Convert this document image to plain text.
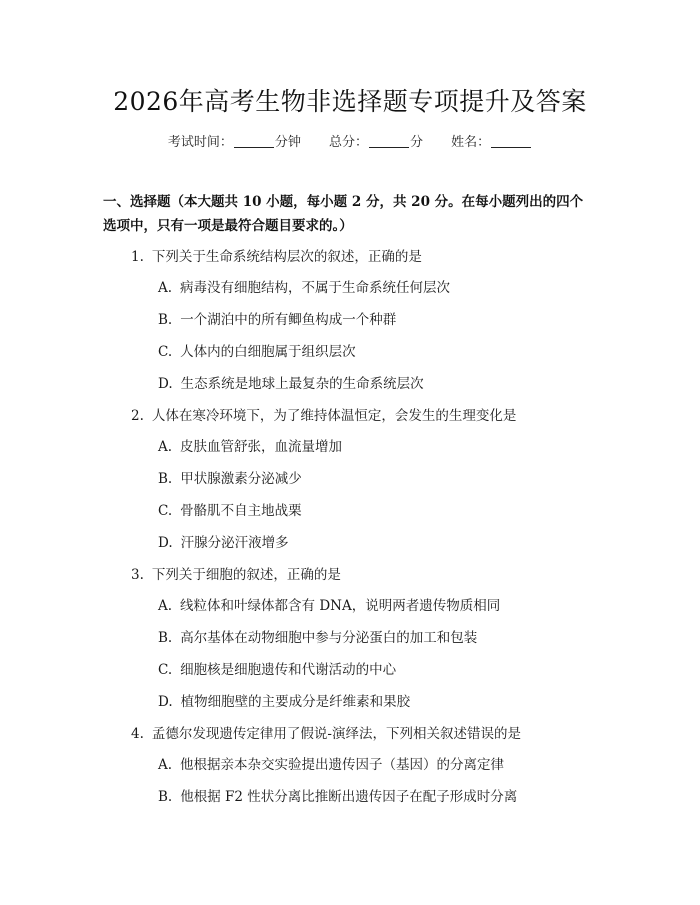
2026年高考生物非选择题专项提升及答案
考试时间：	分钟 总分：	分 姓名：
一、选择题（本大题共 10 小题，每小题 2 分，共 20 分。在每小题列出的四个选项中，只有一项是最符合题目要求的。）
1. 下列关于生命系统结构层次的叙述，正确的是
A. 病毒没有细胞结构，不属于生命系统任何层次
B. 一个湖泊中的所有鲫鱼构成一个种群
C. 人体内的白细胞属于组织层次
D. 生态系统是地球上最复杂的生命系统层次
2. 人体在寒冷环境下，为了维持体温恒定，会发生的生理变化是
A. 皮肤血管舒张，血流量增加
B. 甲状腺激素分泌减少
C. 骨骼肌不自主地战栗
D. 汗腺分泌汗液增多
3. 下列关于细胞的叙述，正确的是
A. 线粒体和叶绿体都含有 DNA，说明两者遗传物质相同
B. 高尔基体在动物细胞中参与分泌蛋白的加工和包装
C. 细胞核是细胞遗传和代谢活动的中心
D. 植物细胞壁的主要成分是纤维素和果胶
4. 孟德尔发现遗传定律用了假说-演绎法，下列相关叙述错误的是
A. 他根据亲本杂交实验提出遗传因子（基因）的分离定律
B. 他根据 F2 性状分离比推断出遗传因子在配子形成时分离
